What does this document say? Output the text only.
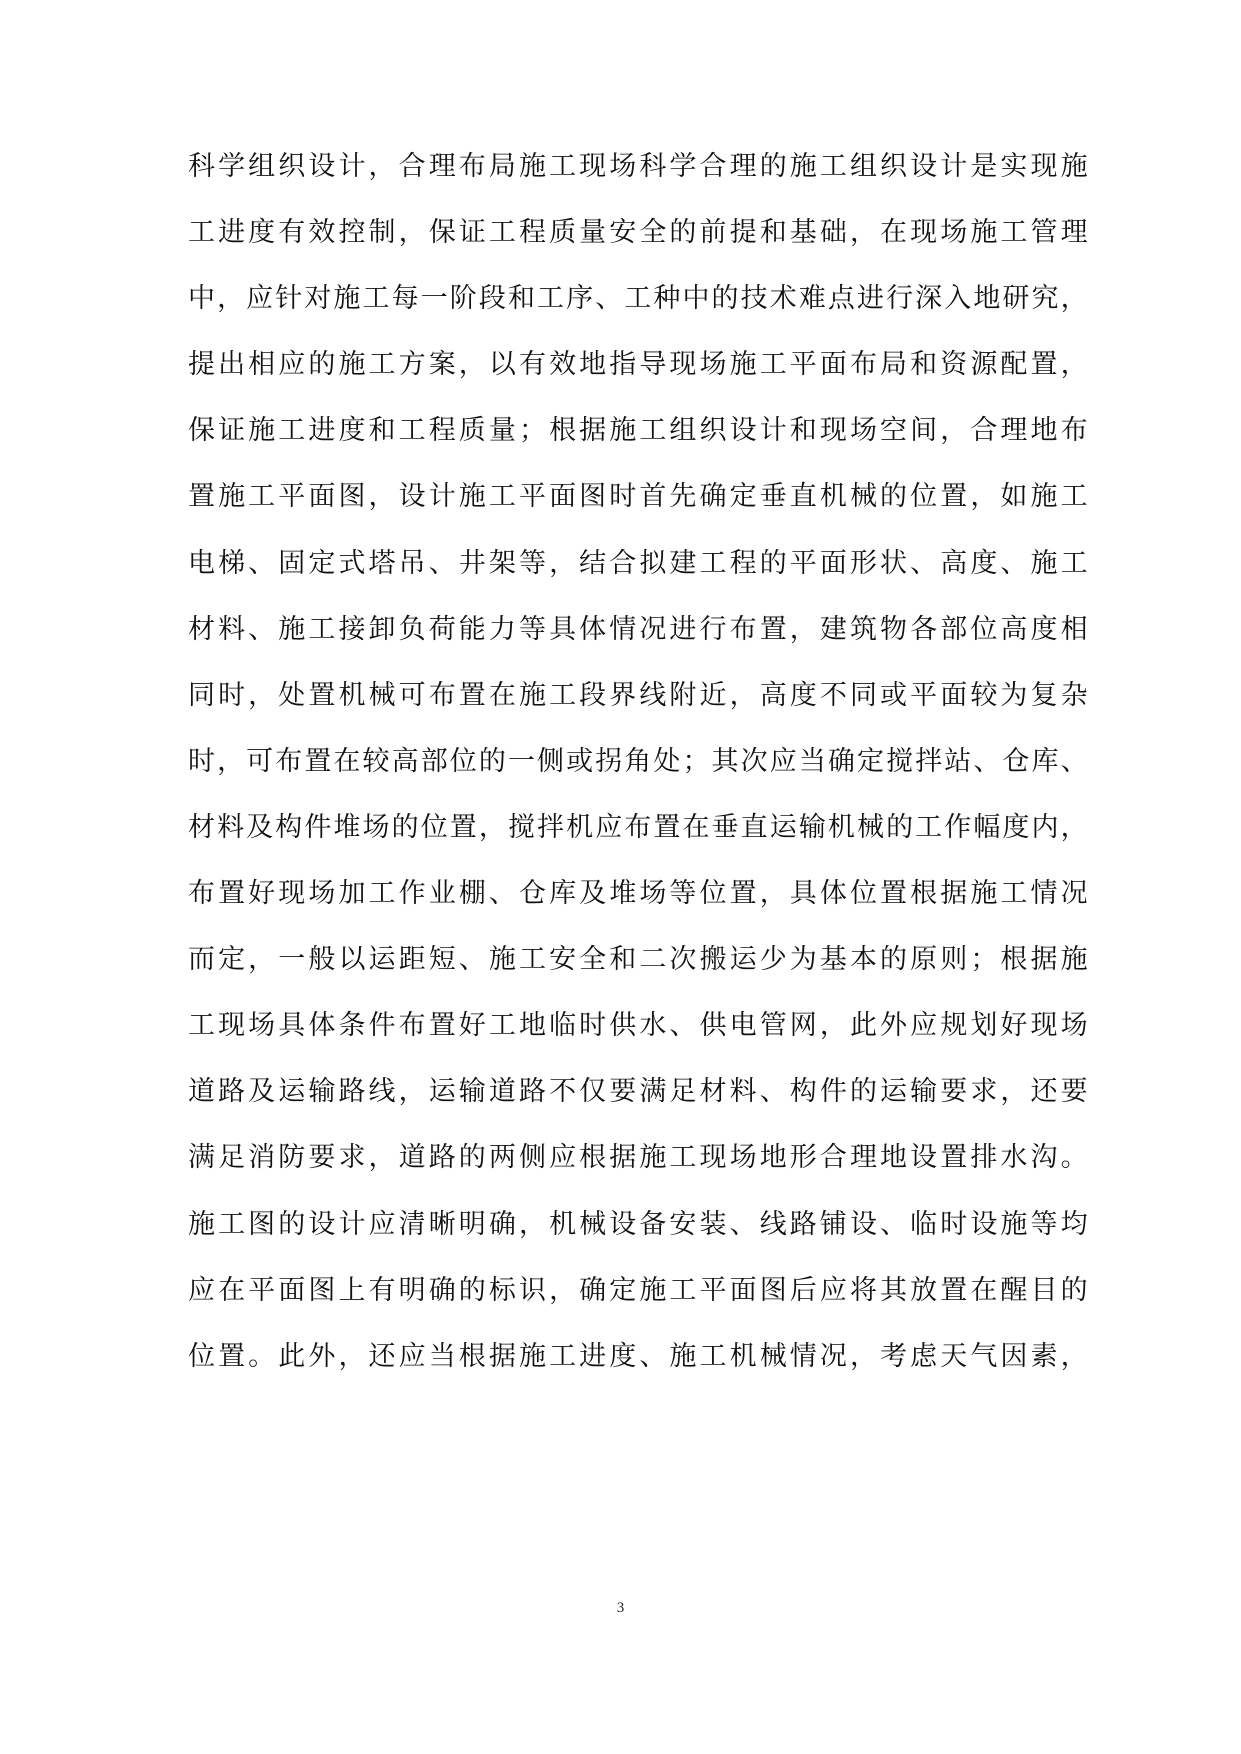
科学组织设计，合理布局施工现场科学合理的施工组织设计是实现施
工进度有效控制，保证工程质量安全的前提和基础，在现场施工管理
中，应针对施工每一阶段和工序、工种中的技术难点进行深入地研究，
提出相应的施工方案，以有效地指导现场施工平面布局和资源配置，
保证施工进度和工程质量；根据施工组织设计和现场空间，合理地布
置施工平面图，设计施工平面图时首先确定垂直机械的位置，如施工
电梯、固定式塔吊、井架等，结合拟建工程的平面形状、高度、施工
材料、施工接卸负荷能力等具体情况进行布置，建筑物各部位高度相
同时，处置机械可布置在施工段界线附近，高度不同或平面较为复杂
时，可布置在较高部位的一侧或拐角处；其次应当确定搅拌站、仓库、
材料及构件堆场的位置，搅拌机应布置在垂直运输机械的工作幅度内，
布置好现场加工作业棚、仓库及堆场等位置，具体位置根据施工情况
而定，一般以运距短、施工安全和二次搬运少为基本的原则；根据施
工现场具体条件布置好工地临时供水、供电管网，此外应规划好现场
道路及运输路线，运输道路不仅要满足材料、构件的运输要求，还要
满足消防要求，道路的两侧应根据施工现场地形合理地设置排水沟。
施工图的设计应清晰明确，机械设备安装、线路铺设、临时设施等均
应在平面图上有明确的标识，确定施工平面图后应将其放置在醒目的
位置。此外，还应当根据施工进度、施工机械情况，考虑天气因素，
3
